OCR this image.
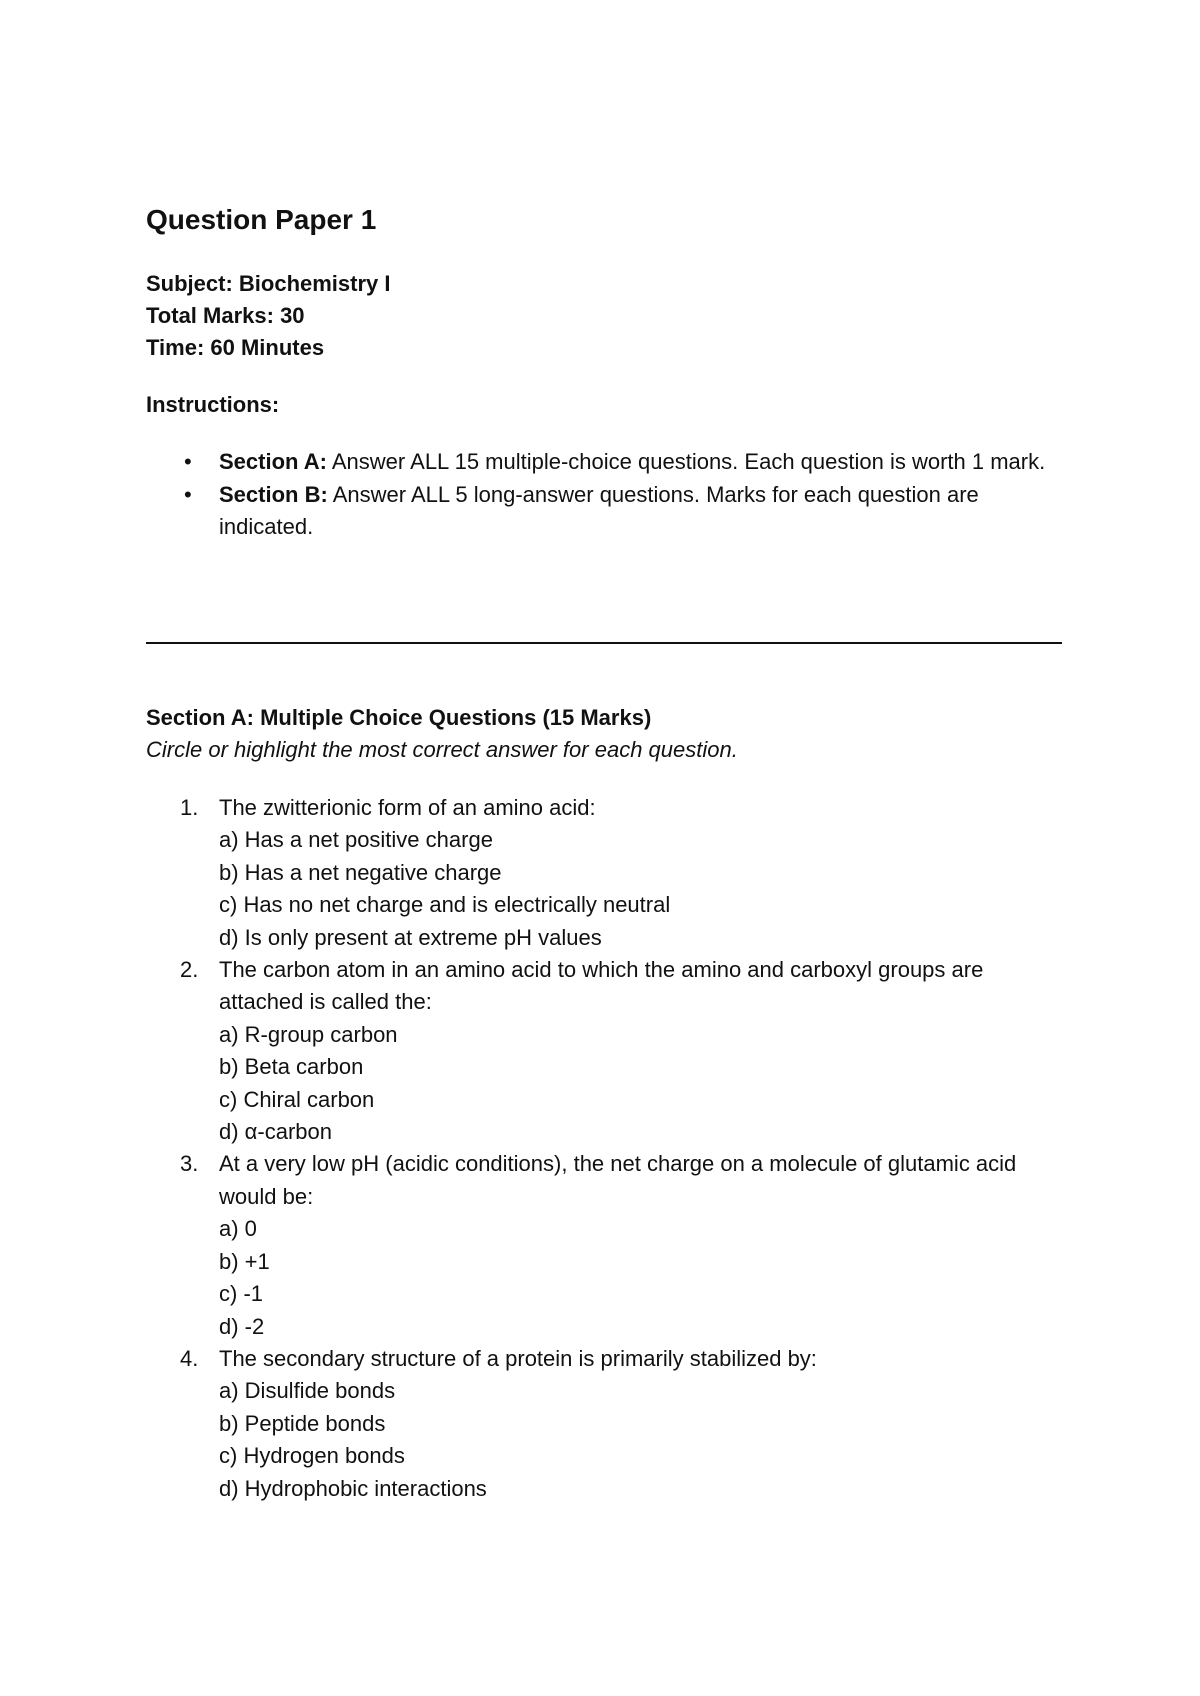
Question Paper 1
Subject: Biochemistry I
Total Marks: 30
Time: 60 Minutes
Instructions:
• Section A: Answer ALL 15 multiple-choice questions. Each question is worth 1 mark.
• Section B: Answer ALL 5 long-answer questions. Marks for each question are indicated.
Section A: Multiple Choice Questions (15 Marks)
Circle or highlight the most correct answer for each question.
1. The zwitterionic form of an amino acid:
a) Has a net positive charge
b) Has a net negative charge
c) Has no net charge and is electrically neutral
d) Is only present at extreme pH values
2. The carbon atom in an amino acid to which the amino and carboxyl groups are attached is called the:
a) R-group carbon
b) Beta carbon
c) Chiral carbon
d) α-carbon
3. At a very low pH (acidic conditions), the net charge on a molecule of glutamic acid would be:
a) 0
b) +1
c) -1
d) -2
4. The secondary structure of a protein is primarily stabilized by:
a) Disulfide bonds
b) Peptide bonds
c) Hydrogen bonds
d) Hydrophobic interactions
